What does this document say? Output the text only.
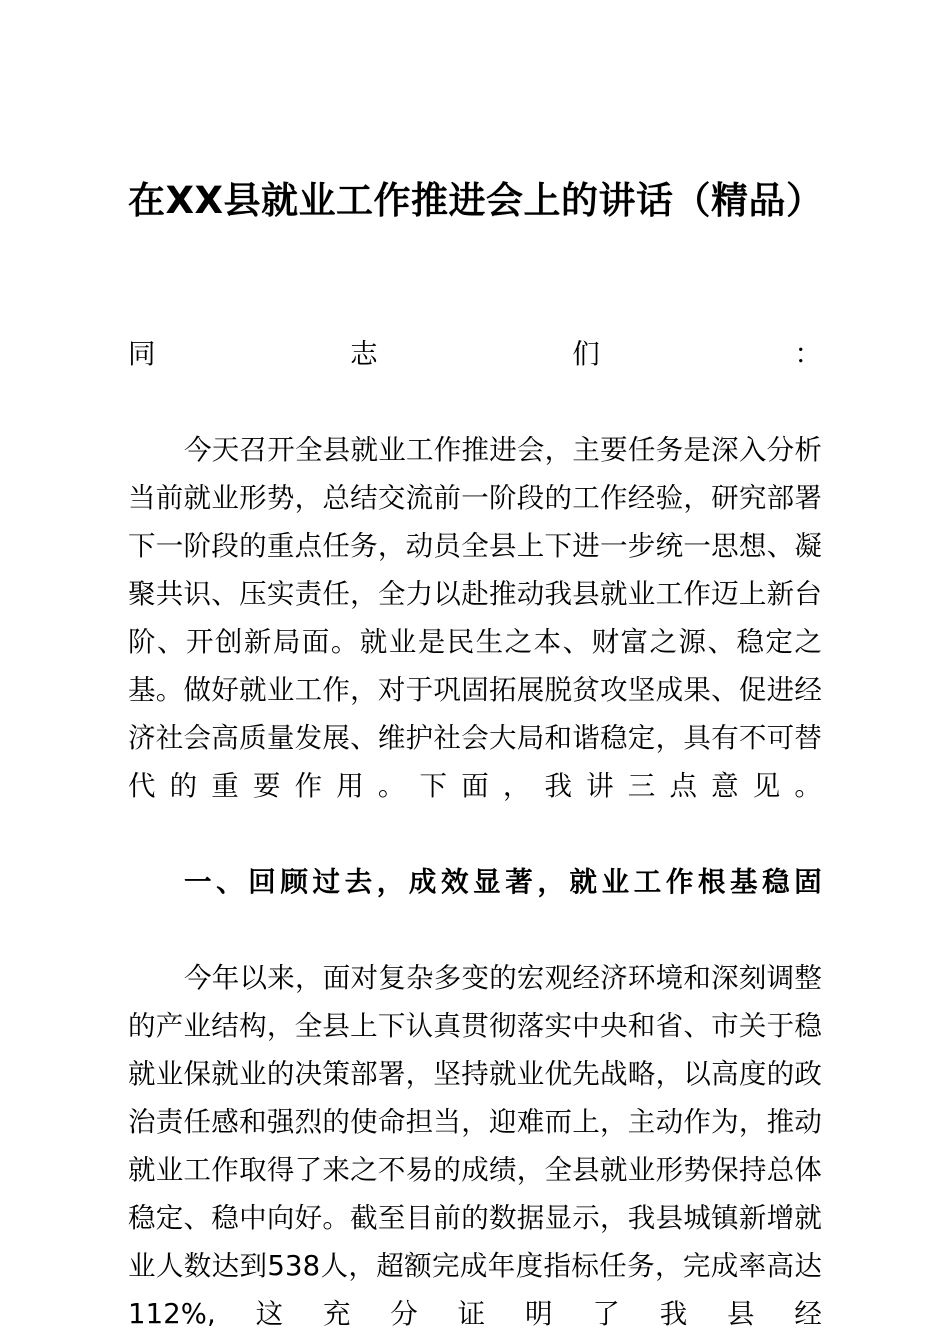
在XX县就业工作推进会上的讲话（精品）

同志们：

今天召开全县就业工作推进会，主要任务是深入分析当前就业形势，总结交流前一阶段的工作经验，研究部署下一阶段的重点任务，动员全县上下进一步统一思想、凝聚共识、压实责任，全力以赴推动我县就业工作迈上新台阶、开创新局面。就业是民生之本、财富之源、稳定之基。做好就业工作，对于巩固拓展脱贫攻坚成果、促进经济社会高质量发展、维护社会大局和谐稳定，具有不可替代的重要作用。下面，我讲三点意见。

一、回顾过去，成效显著，就业工作根基稳固

今年以来，面对复杂多变的宏观经济环境和深刻调整的产业结构，全县上下认真贯彻落实中央和省、市关于稳就业保就业的决策部署，坚持就业优先战略，以高度的政治责任感和强烈的使命担当，迎难而上，主动作为，推动就业工作取得了来之不易的成绩，全县就业形势保持总体稳定、稳中向好。截至目前的数据显示，我县城镇新增就业人数达到538人，超额完成年度指标任务，完成率高达112%,这充分证明了我县经
